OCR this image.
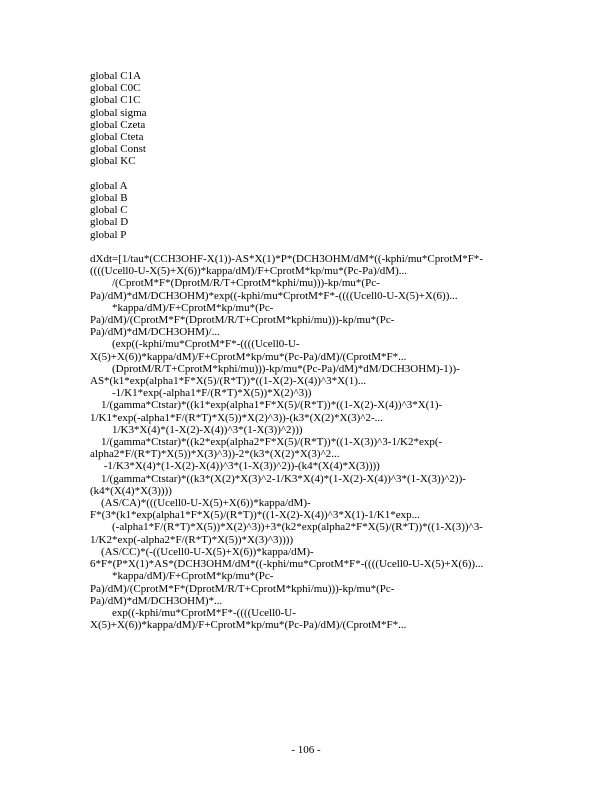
global C1A
global C0C
global C1C
global sigma
global Czeta
global Cteta
global Const
global KC
global A
global B
global C
global D
global P
dXdt=[1/tau*(CCH3OHF-X(1))-AS*X(1)*P*(DCH3OHM/dM*((-kphi/mu*CprotM*F*-
((((Ucell0-U-X(5)+X(6))*kappa/dM)/F+CprotM*kp/mu*(Pc-Pa)/dM)...
/(CprotM*F*(DprotM/R/T+CprotM*kphi/mu)))-kp/mu*(Pc-
Pa)/dM)*dM/DCH3OHM)*exp((-kphi/mu*CprotM*F*-((((Ucell0-U-X(5)+X(6))...
*kappa/dM)/F+CprotM*kp/mu*(Pc-
Pa)/dM)/(CprotM*F*(DprotM/R/T+CprotM*kphi/mu)))-kp/mu*(Pc-
Pa)/dM)*dM/DCH3OHM)/...
(exp((-kphi/mu*CprotM*F*-((((Ucell0-U-
X(5)+X(6))*kappa/dM)/F+CprotM*kp/mu*(Pc-Pa)/dM)/(CprotM*F*...
(DprotM/R/T+CprotM*kphi/mu)))-kp/mu*(Pc-Pa)/dM)*dM/DCH3OHM)-1))-
AS*(k1*exp(alpha1*F*X(5)/(R*T))*((1-X(2)-X(4))^3*X(1)...
-1/K1*exp(-alpha1*F/(R*T)*X(5))*X(2)^3))
1/(gamma*Ctstar)*((k1*exp(alpha1*F*X(5)/(R*T))*((1-X(2)-X(4))^3*X(1)-
1/K1*exp(-alpha1*F/(R*T)*X(5))*X(2)^3))-(k3*(X(2)*X(3)^2-...
1/K3*X(4)*(1-X(2)-X(4))^3*(1-X(3))^2)))
1/(gamma*Ctstar)*((k2*exp(alpha2*F*X(5)/(R*T))*((1-X(3))^3-1/K2*exp(-
alpha2*F/(R*T)*X(5))*X(3)^3))-2*(k3*(X(2)*X(3)^2...
-1/K3*X(4)*(1-X(2)-X(4))^3*(1-X(3))^2))-(k4*(X(4)*X(3))))
1/(gamma*Ctstar)*((k3*(X(2)*X(3)^2-1/K3*X(4)*(1-X(2)-X(4))^3*(1-X(3))^2))-
(k4*(X(4)*X(3))))
(AS/CA)*(((Ucell0-U-X(5)+X(6))*kappa/dM)-
F*(3*(k1*exp(alpha1*F*X(5)/(R*T))*((1-X(2)-X(4))^3*X(1)-1/K1*exp...
(-alpha1*F/(R*T)*X(5))*X(2)^3))+3*(k2*exp(alpha2*F*X(5)/(R*T))*((1-X(3))^3-
1/K2*exp(-alpha2*F/(R*T)*X(5))*X(3)^3))))
(AS/CC)*(-((Ucell0-U-X(5)+X(6))*kappa/dM)-
6*F*(P*X(1)*AS*(DCH3OHM/dM*((-kphi/mu*CprotM*F*-((((Ucell0-U-X(5)+X(6))...
*kappa/dM)/F+CprotM*kp/mu*(Pc-
Pa)/dM)/(CprotM*F*(DprotM/R/T+CprotM*kphi/mu)))-kp/mu*(Pc-
Pa)/dM)*dM/DCH3OHM)*...
exp((-kphi/mu*CprotM*F*-((((Ucell0-U-
X(5)+X(6))*kappa/dM)/F+CprotM*kp/mu*(Pc-Pa)/dM)/(CprotM*F*...
- 106 -
